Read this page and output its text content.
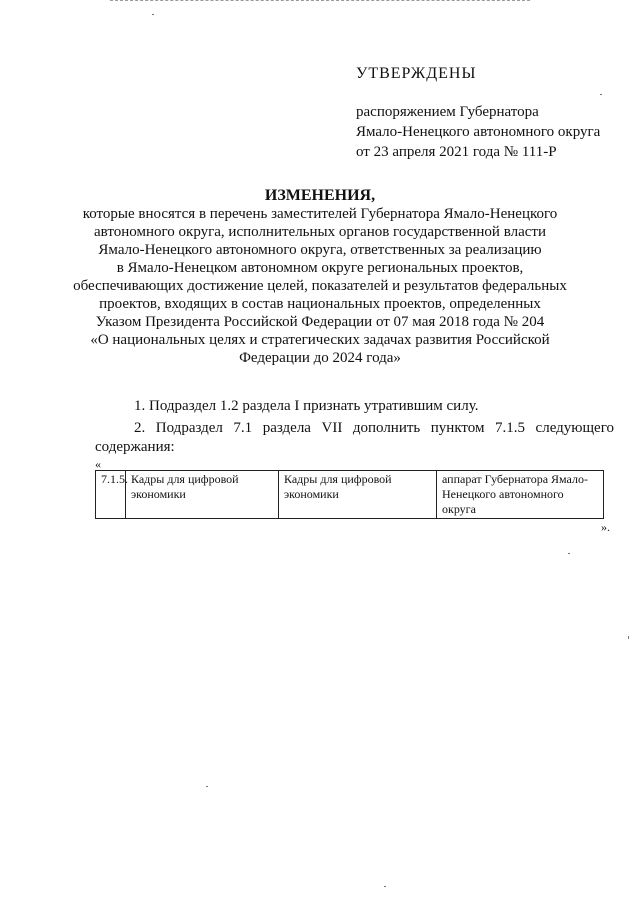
УТВЕРЖДЕНЫ

распоряжением Губернатора

Ямало-Ненецкого автономного округа

от 23 апреля 2021 года № 111-Р

ИЗМЕНЕНИЯ,

которые вносятся в перечень заместителей Губернатора Ямало-Ненецкого

автономного округа, исполнительных органов государственной власти

Ямало-Ненецкого автономного округа, ответственных за реализацию

в Ямало-Ненецком автономном округе региональных проектов,

обеспечивающих достижение целей, показателей и результатов федеральных

проектов, входящих в состав национальных проектов, определенных

Указом Президента Российской Федерации от 07 мая 2018 года № 204

«О национальных целях и стратегических задачах развития Российской

Федерации до 2024 года»

1. Подраздел 1.2 раздела I признать утратившим силу.

2. Подраздел 7.1 раздела VII дополнить пунктом 7.1.5 следующего

содержания:

«
7.1.5.	Кадры для цифровой экономики	Кадры для цифровой экономики	аппарат Губернатора Ямало-Ненецкого автономного округа
».
